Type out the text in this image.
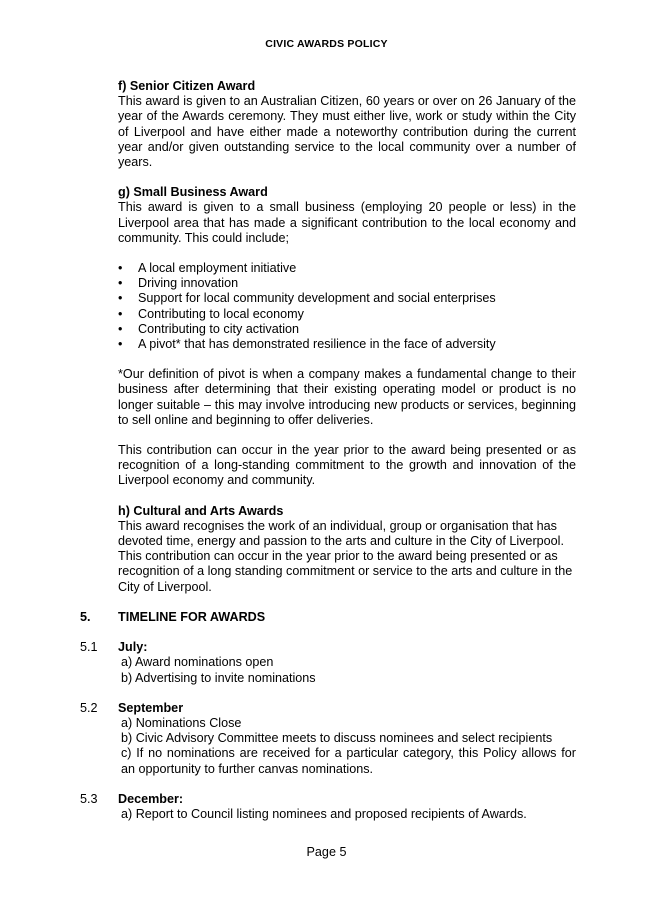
CIVIC AWARDS POLICY
f) Senior Citizen Award

This award is given to an Australian Citizen, 60 years or over on 26 January of the year of the Awards ceremony. They must either live, work or study within the City of Liverpool and have either made a noteworthy contribution during the current year and/or given outstanding service to the local community over a number of years.

g) Small Business Award

This award is given to a small business (employing 20 people or less) in the Liverpool area that has made a significant contribution to the local economy and community. This could include;

• A local employment initiative
• Driving innovation
• Support for local community development and social enterprises
• Contributing to local economy
• Contributing to city activation
• A pivot* that has demonstrated resilience in the face of adversity

*Our definition of pivot is when a company makes a fundamental change to their business after determining that their existing operating model or product is no longer suitable – this may involve introducing new products or services, beginning to sell online and beginning to offer deliveries.

This contribution can occur in the year prior to the award being presented or as recognition of a long-standing commitment to the growth and innovation of the Liverpool economy and community.

h) Cultural and Arts Awards

This award recognises the work of an individual, group or organisation that has devoted time, energy and passion to the arts and culture in the City of Liverpool. This contribution can occur in the year prior to the award being presented or as recognition of a long standing commitment or service to the arts and culture in the City of Liverpool.

5. TIMELINE FOR AWARDS
5.1 July:
a) Award nominations open
b) Advertising to invite nominations
5.2 September
a) Nominations Close
b) Civic Advisory Committee meets to discuss nominees and select recipients
c) If no nominations are received for a particular category, this Policy allows for an opportunity to further canvas nominations.
5.3 December:
a) Report to Council listing nominees and proposed recipients of Awards.
Page 5
